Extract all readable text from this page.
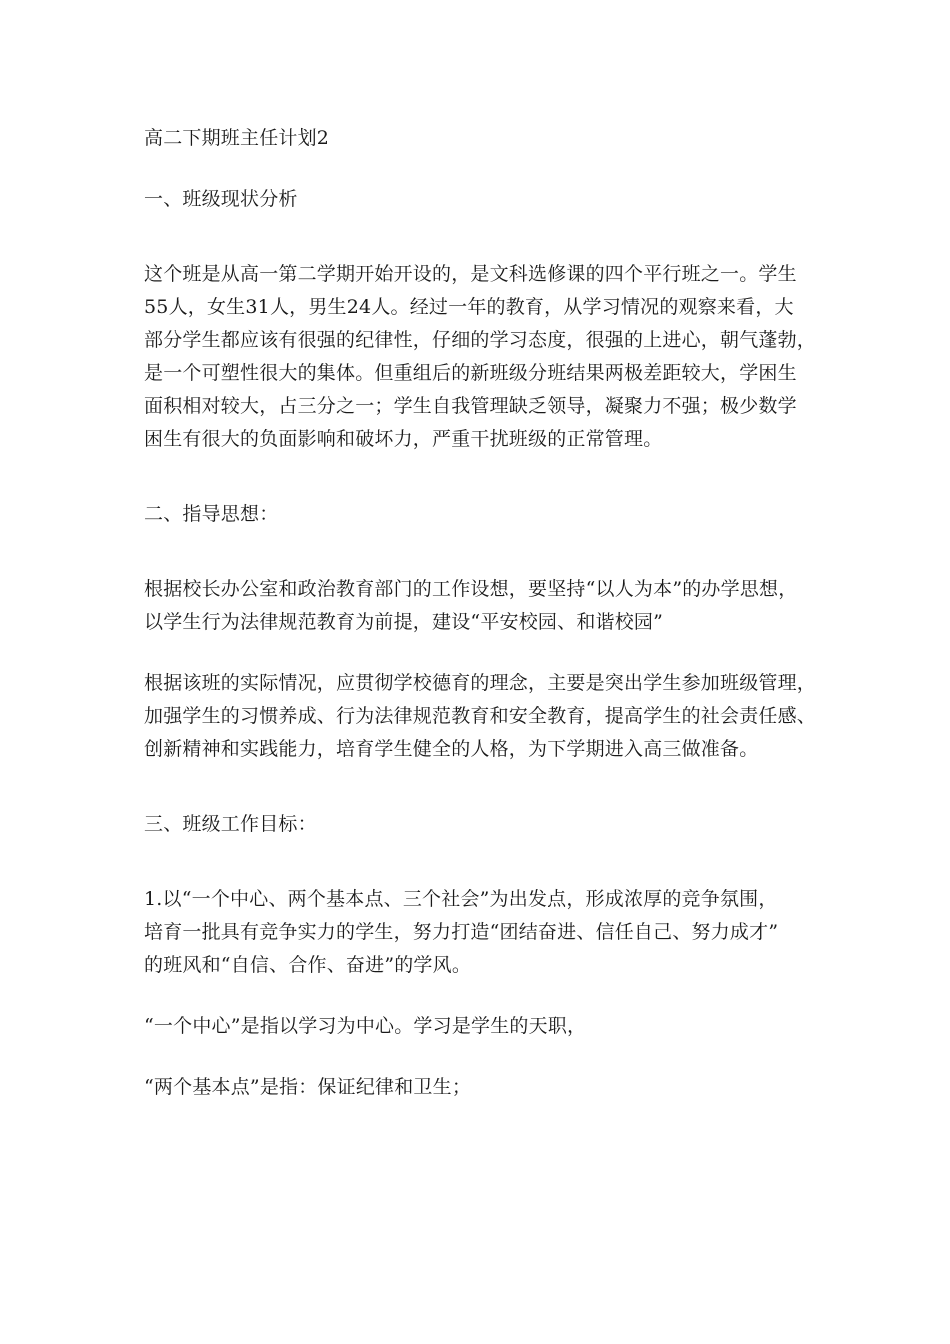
高二下期班主任计划2

一、班级现状分析

这个班是从高一第二学期开始开设的，是文科选修课的四个平行班之一。学生
55人，女生31人，男生24人。经过一年的教育，从学习情况的观察来看，大
部分学生都应该有很强的纪律性，仔细的学习态度，很强的上进心，朝气蓬勃，
是一个可塑性很大的集体。但重组后的新班级分班结果两极差距较大，学困生
面积相对较大，占三分之一；学生自我管理缺乏领导，凝聚力不强；极少数学
困生有很大的负面影响和破坏力，严重干扰班级的正常管理。

二、指导思想：

根据校长办公室和政治教育部门的工作设想，要坚持“以人为本”的办学思想，
以学生行为法律规范教育为前提，建设“平安校园、和谐校园”

根据该班的实际情况，应贯彻学校德育的理念，主要是突出学生参加班级管理，
加强学生的习惯养成、行为法律规范教育和安全教育，提高学生的社会责任感、
创新精神和实践能力，培育学生健全的人格，为下学期进入高三做准备。

三、班级工作目标：

1.以“一个中心、两个基本点、三个社会”为出发点，形成浓厚的竞争氛围，
培育一批具有竞争实力的学生，努力打造“团结奋进、信任自己、努力成才”
的班风和“自信、合作、奋进”的学风。

“一个中心”是指以学习为中心。学习是学生的天职，

“两个基本点”是指：保证纪律和卫生；
